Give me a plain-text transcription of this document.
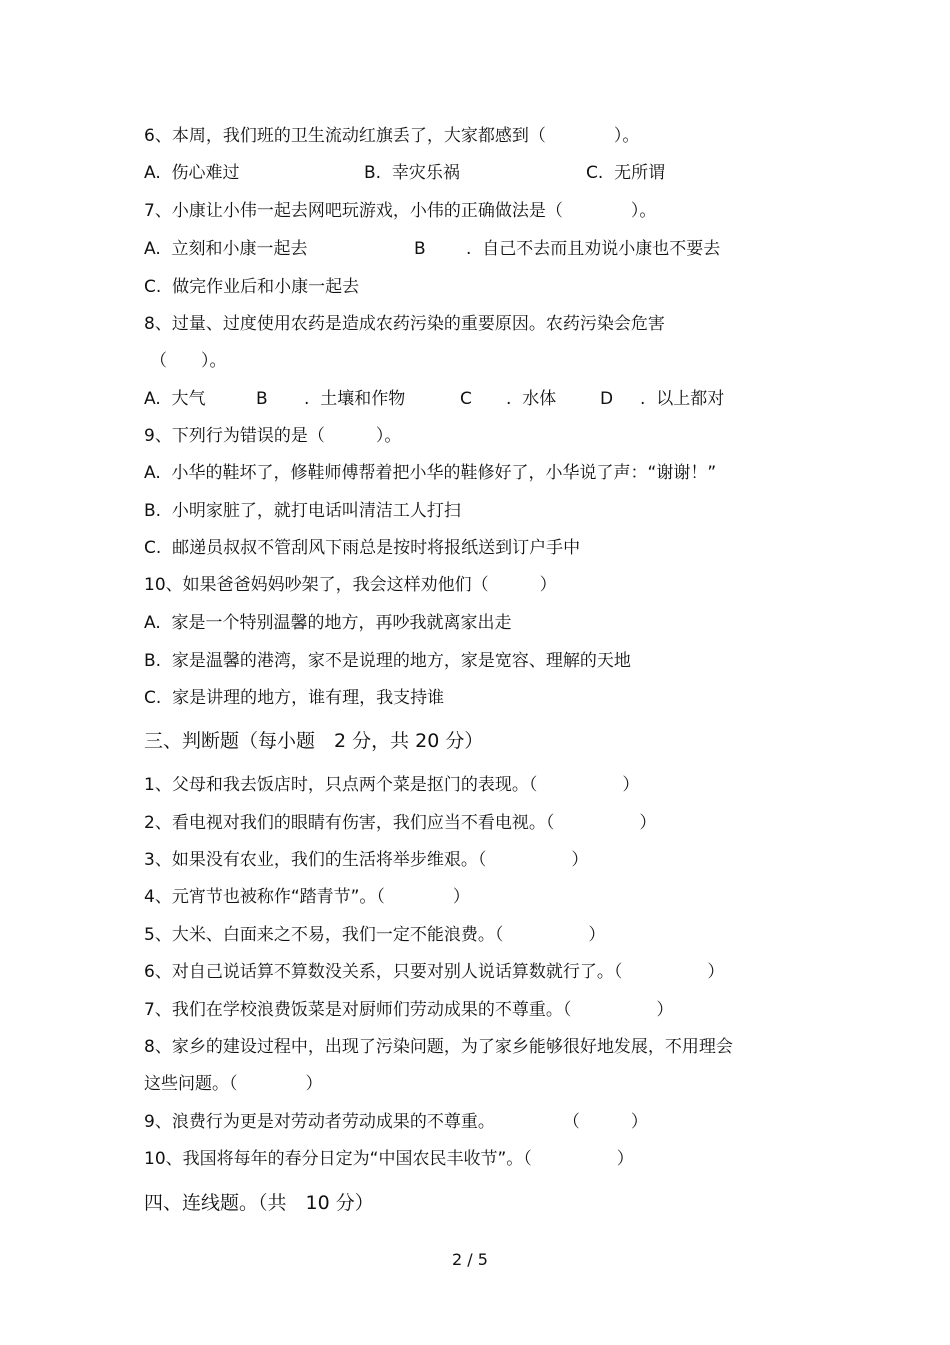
6、本周，我们班的卫生流动红旗丢了，大家都感到（　　　　）。
A.  伤心难过	B.  幸灾乐祸	C.  无所谓
7、小康让小伟一起去网吧玩游戏，小伟的正确做法是（　　　　）。
A.  立刻和小康一起去	B .  自己不去而且劝说小康也不要去
C.  做完作业后和小康一起去
8、过量、过度使用农药是造成农药污染的重要原因。农药污染会危害
（　　）。
A.  大气	B .  土壤和作物	C .  水体	D .  以上都对
9、下列行为错误的是（　　　）。
A.  小华的鞋坏了，修鞋师傅帮着把小华的鞋修好了，小华说了声：“谢谢！”
B.  小明家脏了，就打电话叫清洁工人打扫
C.  邮递员叔叔不管刮风下雨总是按时将报纸送到订户手中
10、如果爸爸妈妈吵架了，我会这样劝他们（　　　）
A.  家是一个特别温馨的地方，再吵我就离家出走
B.  家是温馨的港湾，家不是说理的地方，家是宽容、理解的天地
C.  家是讲理的地方，谁有理，我支持谁
三、判断题（每小题　2 分，共 20 分）
1、父母和我去饭店时，只点两个菜是抠门的表现。（　　　　　）
2、看电视对我们的眼睛有伤害，我们应当不看电视。（　　　　　）
3、如果没有农业，我们的生活将举步维艰。（　　　　　）
4、元宵节也被称作“踏青节”。（　　　　）
5、大米、白面来之不易，我们一定不能浪费。（　　　　　）
6、对自己说话算不算数没关系，只要对别人说话算数就行了。（　　　　　）
7、我们在学校浪费饭菜是对厨师们劳动成果的不尊重。（　　　　　）
8、家乡的建设过程中，出现了污染问题，为了家乡能够很好地发展，不用理会
这些问题。（　　　　）
9、浪费行为更是对劳动者劳动成果的不尊重。　　　　　（　　　）
10、我国将每年的春分日定为“中国农民丰收节”。（　　　　　）
四、连线题。（共　10 分）
2 / 5
